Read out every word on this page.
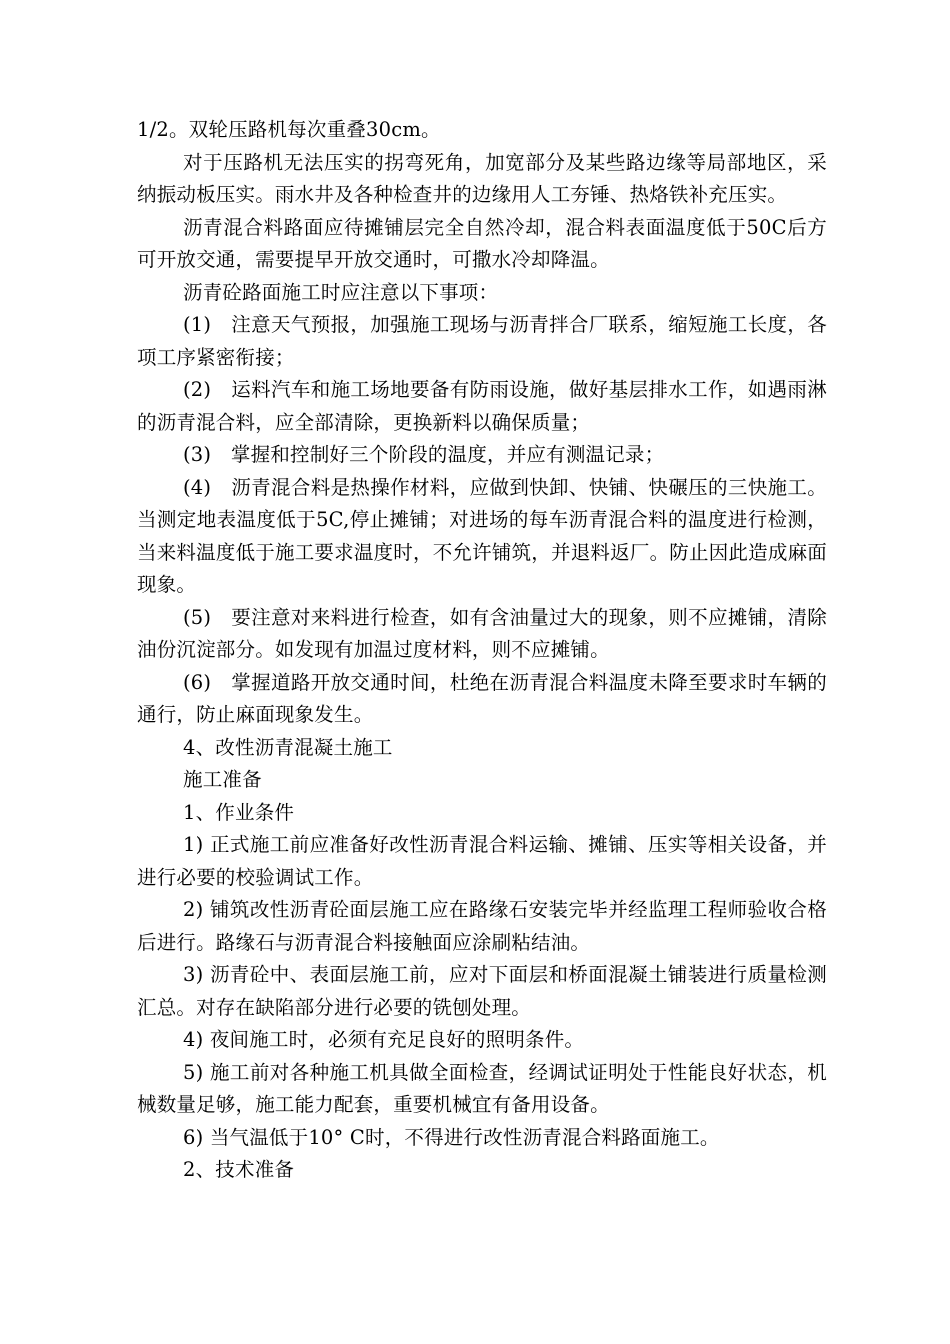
1/2。双轮压路机每次重叠30cm。

对于压路机无法压实的拐弯死角，加宽部分及某些路边缘等局部地区，采纳振动板压实。雨水井及各种检查井的边缘用人工夯锤、热烙铁补充压实。

沥青混合料路面应待摊铺层完全自然冷却，混合料表面温度低于50C后方可开放交通，需要提早开放交通时，可撒水冷却降温。

沥青砼路面施工时应注意以下事项：

(1)　注意天气预报，加强施工现场与沥青拌合厂联系，缩短施工长度，各项工序紧密衔接；

(2)　运料汽车和施工场地要备有防雨设施，做好基层排水工作，如遇雨淋的沥青混合料，应全部清除，更换新料以确保质量；

(3)　掌握和控制好三个阶段的温度，并应有测温记录；

(4)　沥青混合料是热操作材料，应做到快卸、快铺、快碾压的三快施工。当测定地表温度低于5C,停止摊铺；对进场的每车沥青混合料的温度进行检测，当来料温度低于施工要求温度时，不允许铺筑，并退料返厂。防止因此造成麻面现象。

(5)　要注意对来料进行检查，如有含油量过大的现象，则不应摊铺，清除油份沉淀部分。如发现有加温过度材料，则不应摊铺。

(6)　掌握道路开放交通时间，杜绝在沥青混合料温度未降至要求时车辆的通行，防止麻面现象发生。

4、改性沥青混凝土施工

施工准备

1、作业条件

1) 正式施工前应准备好改性沥青混合料运输、摊铺、压实等相关设备，并进行必要的校验调试工作。

2) 铺筑改性沥青砼面层施工应在路缘石安装完毕并经监理工程师验收合格后进行。路缘石与沥青混合料接触面应涂刷粘结油。

3) 沥青砼中、表面层施工前，应对下面层和桥面混凝土铺装进行质量检测汇总。对存在缺陷部分进行必要的铣刨处理。

4) 夜间施工时，必须有充足良好的照明条件。

5) 施工前对各种施工机具做全面检查，经调试证明处于性能良好状态，机械数量足够，施工能力配套，重要机械宜有备用设备。

6) 当气温低于10° C时，不得进行改性沥青混合料路面施工。

2、技术准备
